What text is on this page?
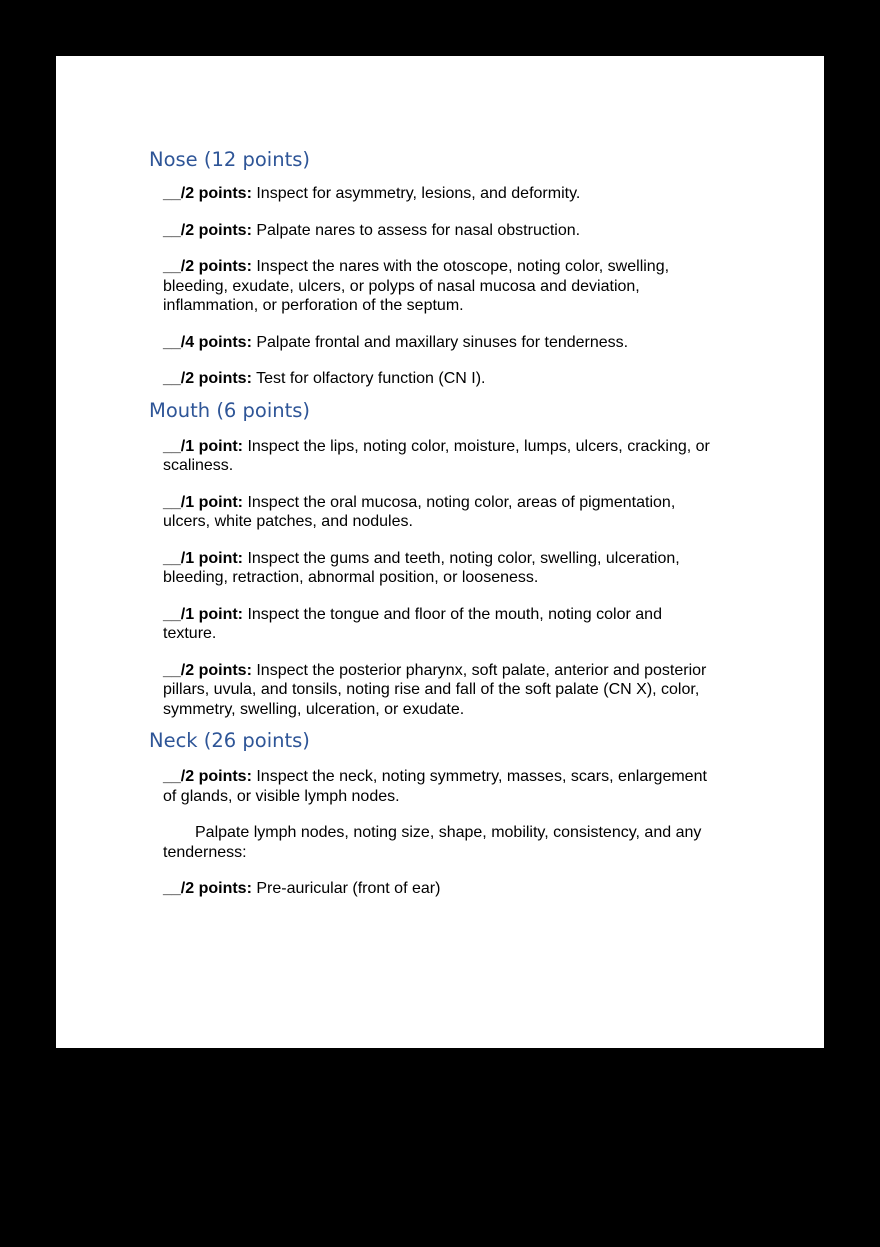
Nose (12 points)

__/2 points: Inspect for asymmetry, lesions, and deformity.

__/2 points: Palpate nares to assess for nasal obstruction.

__/2 points: Inspect the nares with the otoscope, noting color, swelling, bleeding, exudate, ulcers, or polyps of nasal mucosa and deviation, inflammation, or perforation of the septum.

__/4 points: Palpate frontal and maxillary sinuses for tenderness.

__/2 points: Test for olfactory function (CN I).

Mouth (6 points)

__/1 point: Inspect the lips, noting color, moisture, lumps, ulcers, cracking, or scaliness.

__/1 point: Inspect the oral mucosa, noting color, areas of pigmentation, ulcers, white patches, and nodules.

__/1 point: Inspect the gums and teeth, noting color, swelling, ulceration, bleeding, retraction, abnormal position, or looseness.

__/1 point: Inspect the tongue and floor of the mouth, noting color and texture.

__/2 points: Inspect the posterior pharynx, soft palate, anterior and posterior pillars, uvula, and tonsils, noting rise and fall of the soft palate (CN X), color, symmetry, swelling, ulceration, or exudate.

Neck (26 points)

__/2 points: Inspect the neck, noting symmetry, masses, scars, enlargement of glands, or visible lymph nodes.

Palpate lymph nodes, noting size, shape, mobility, consistency, and any tenderness:

__/2 points: Pre-auricular (front of ear)
